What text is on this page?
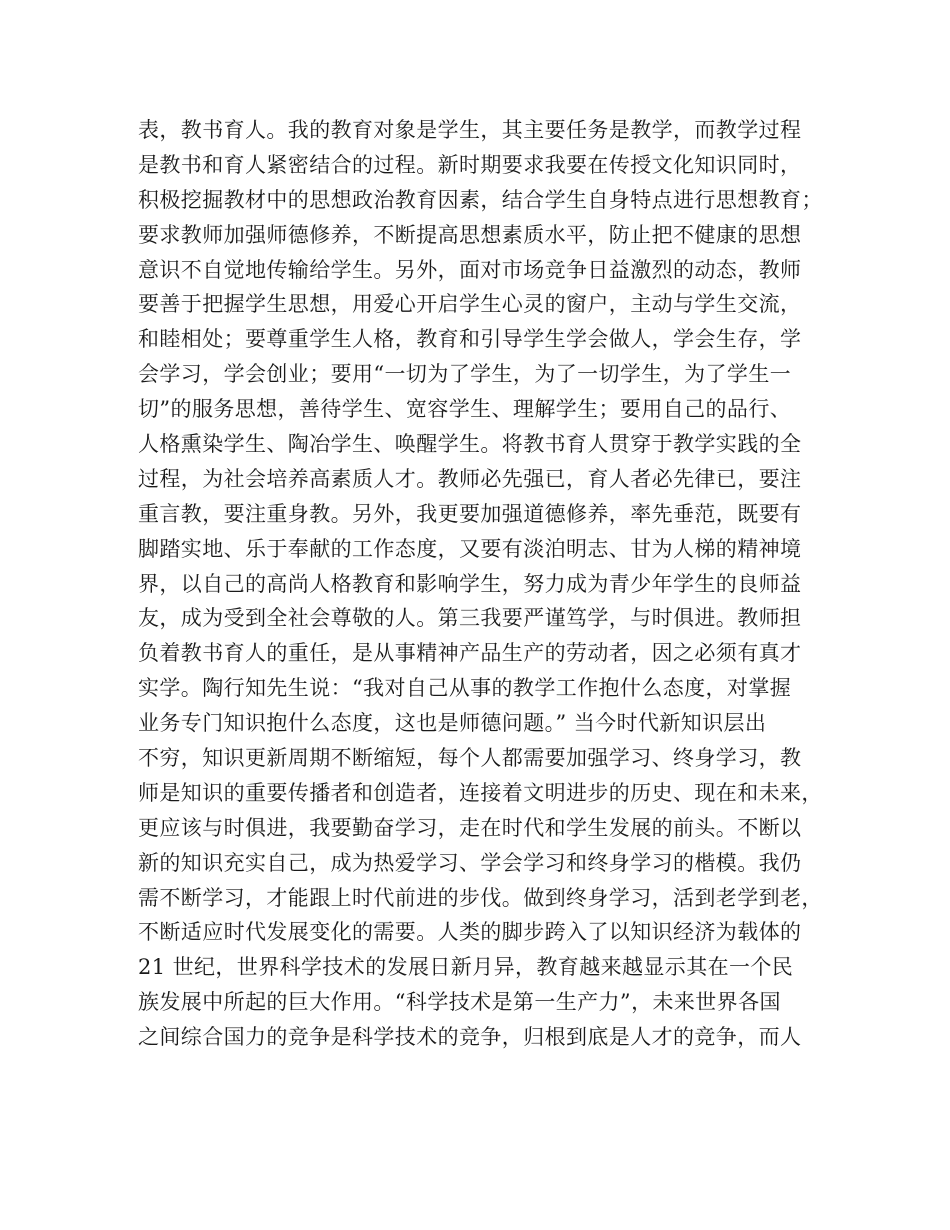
表，教书育人。我的教育对象是学生，其主要任务是教学，而教学过程
是教书和育人紧密结合的过程。新时期要求我要在传授文化知识同时，
积极挖掘教材中的思想政治教育因素，结合学生自身特点进行思想教育；
要求教师加强师德修养，不断提高思想素质水平，防止把不健康的思想
意识不自觉地传输给学生。另外，面对市场竞争日益激烈的动态，教师
要善于把握学生思想，用爱心开启学生心灵的窗户，主动与学生交流，
和睦相处；要尊重学生人格，教育和引导学生学会做人，学会生存，学
会学习，学会创业；要用“一切为了学生，为了一切学生，为了学生一
切”的服务思想，善待学生、宽容学生、理解学生；要用自己的品行、
人格熏染学生、陶冶学生、唤醒学生。将教书育人贯穿于教学实践的全
过程，为社会培养高素质人才。教师必先强已，育人者必先律已，要注
重言教，要注重身教。另外，我更要加强道德修养，率先垂范，既要有
脚踏实地、乐于奉献的工作态度，又要有淡泊明志、甘为人梯的精神境
界，以自己的高尚人格教育和影响学生，努力成为青少年学生的良师益
友，成为受到全社会尊敬的人。第三我要严谨笃学，与时俱进。教师担
负着教书育人的重任，是从事精神产品生产的劳动者，因之必须有真才
实学。陶行知先生说：“我对自己从事的教学工作抱什么态度，对掌握
业务专门知识抱什么态度，这也是师德问题。” 当今时代新知识层出
不穷，知识更新周期不断缩短，每个人都需要加强学习、终身学习，教
师是知识的重要传播者和创造者，连接着文明进步的历史、现在和未来，
更应该与时俱进，我要勤奋学习，走在时代和学生发展的前头。不断以
新的知识充实自己，成为热爱学习、学会学习和终身学习的楷模。我仍
需不断学习，才能跟上时代前进的步伐。做到终身学习，活到老学到老，
不断适应时代发展变化的需要。人类的脚步跨入了以知识经济为载体的
21 世纪，世界科学技术的发展日新月异，教育越来越显示其在一个民
族发展中所起的巨大作用。“科学技术是第一生产力”，未来世界各国
之间综合国力的竞争是科学技术的竞争，归根到底是人才的竞争，而人
